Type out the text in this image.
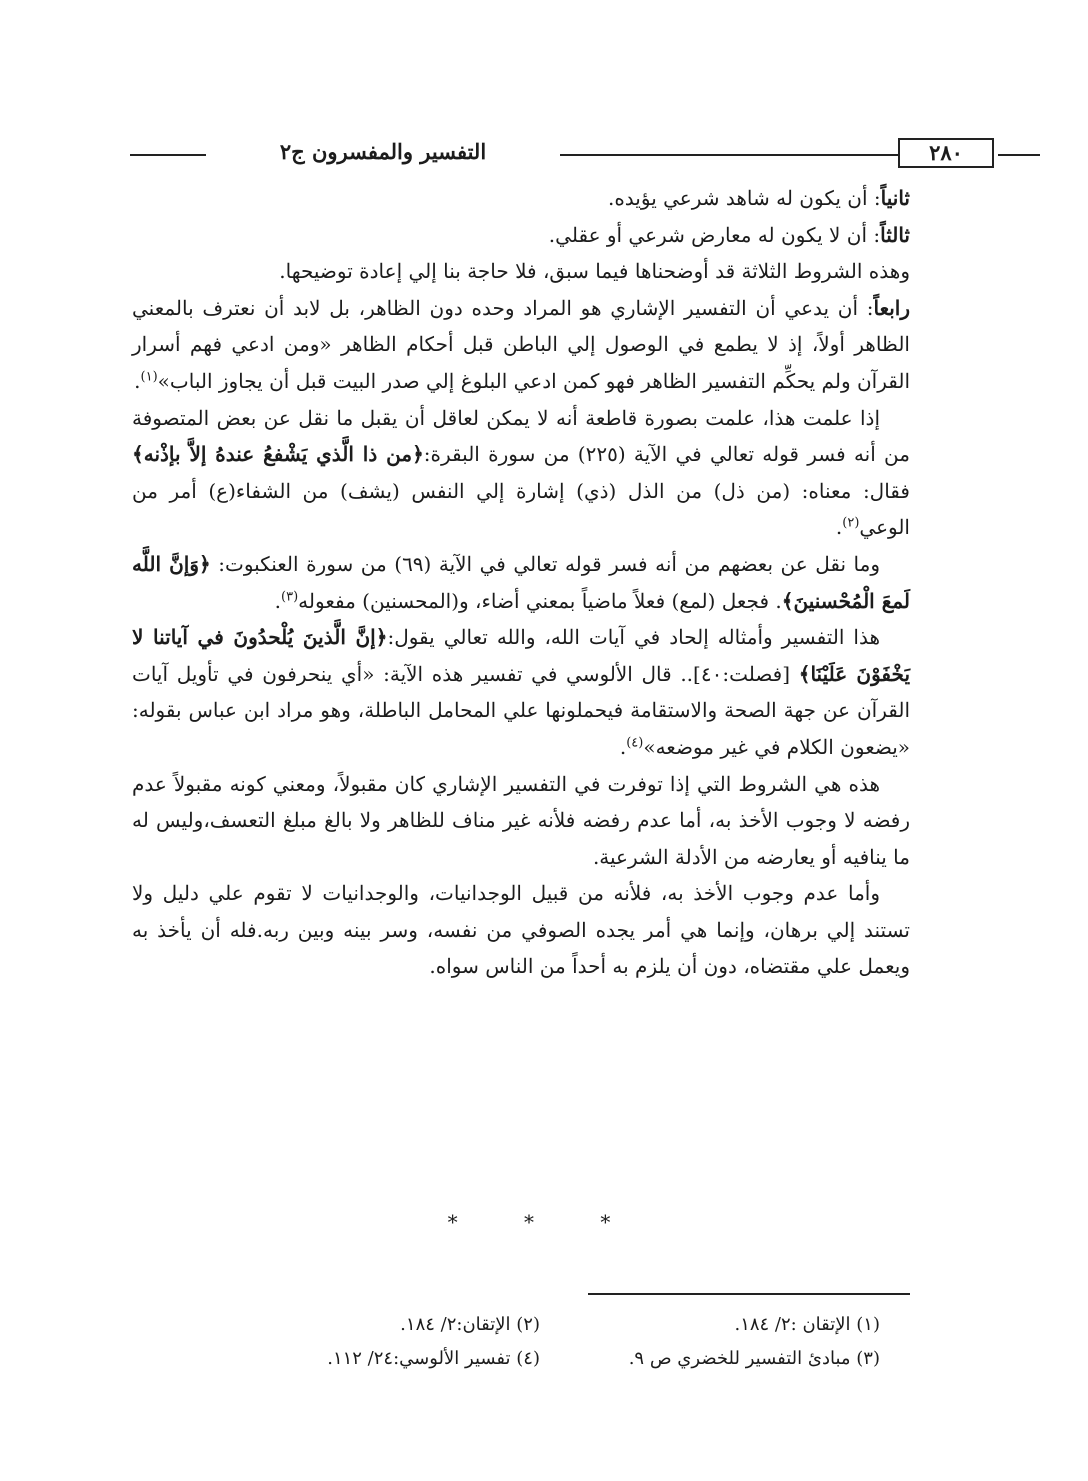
التفسير والمفسرون ج٢	٢٨٠

ثانياً: أن يكون له شاهد شرعي يؤيده.

ثالثاً: أن لا يكون له معارض شرعي أو عقلي.

وهذه الشروط الثلاثة قد أوضحناها فيما سبق، فلا حاجة بنا إلي إعادة توضيحها.

رابعاً: أن يدعي أن التفسير الإشاري هو المراد وحده دون الظاهر، بل لابد أن نعترف بالمعني الظاهر أولاً، إذ لا يطمع في الوصول إلي الباطن قبل أحكام الظاهر «ومن ادعي فهم أسرار القرآن ولم يحكِّم التفسير الظاهر فهو كمن ادعي البلوغ إلي صدر البيت قبل أن يجاوز الباب»$^{(١)}$.

إذا علمت هذا، علمت بصورة قاطعة أنه لا يمكن لعاقل أن يقبل ما نقل عن بعض المتصوفة من أنه فسر قوله تعالي في الآية (٢٢٥) من سورة البقرة:﴿من ذا الَّذي يَشْفعُ عندهُ إلاَّ بإذْنه﴾ فقال: معناه: (من ذل) من الذل (ذي) إشارة إلي النفس (يشف) من الشفاء(ع) أمر من الوعي$^{(٢)}$.

وما نقل عن بعضهم من أنه فسر قوله تعالي في الآية (٦٩) من سورة العنكبوت: ﴿وَإنَّ اللَّه لَمعَ الْمُحْسنينَ﴾. فجعل (لمع) فعلاً ماضياً بمعني أضاء، و(المحسنين) مفعوله$^{(٣)}$.

هذا التفسير وأمثاله إلحاد في آيات الله، والله تعالي يقول:﴿إنَّ الَّذينَ يُلْحدُونَ في آياتنا لا يَخْفَوْنَ عَلَيْنَا﴾ [فصلت:٤٠].. قال الألوسي في تفسير هذه الآية: «أي ينحرفون في تأويل آيات القرآن عن جهة الصحة والاستقامة فيحملونها علي المحامل الباطلة، وهو مراد ابن عباس بقوله: «يضعون الكلام في غير موضعه»$^{(٤)}$.

هذه هي الشروط التي إذا توفرت في التفسير الإشاري كان مقبولاً، ومعني كونه مقبولاً عدم رفضه لا وجوب الأخذ به، أما عدم رفضه فلأنه غير مناف للظاهر ولا بالغ مبلغ التعسف،وليس له ما ينافيه أو يعارضه من الأدلة الشرعية.

وأما عدم وجوب الأخذ به، فلأنه من قبيل الوجدانيات، والوجدانيات لا تقوم علي دليل ولا تستند إلي برهان، وإنما هي أمر يجده الصوفي من نفسه، وسر بينه وبين ربه.فله أن يأخذ به ويعمل علي مقتضاه، دون أن يلزم به أحداً من الناس سواه.

* * *
(١) الإتقان :٢/ ١٨٤.
(٢) الإتقان:٢/ ١٨٤.
(٣) مبادئ التفسير للخضري ص ٩.
(٤) تفسير الألوسي:٢٤/ ١١٢.
